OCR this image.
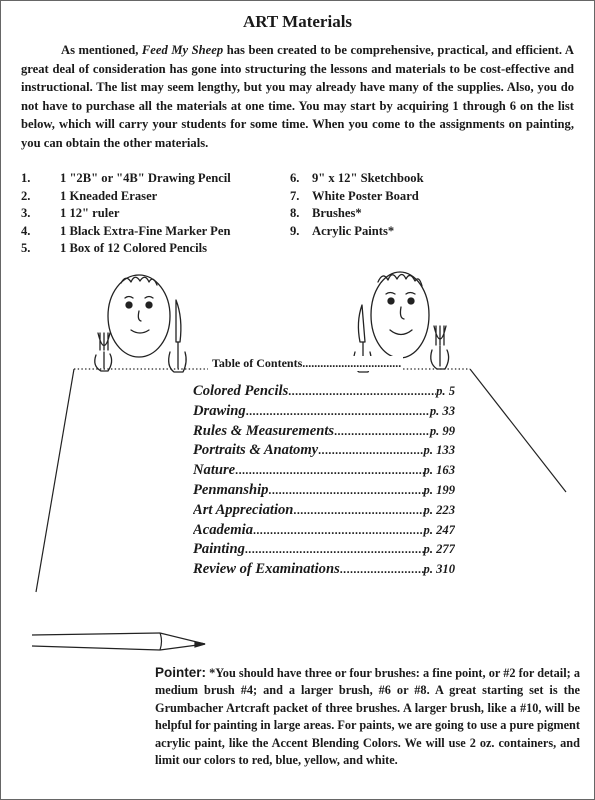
ART Materials
As mentioned, Feed My Sheep has been created to be comprehensive, practical, and efficient. A great deal of consideration has gone into structuring the lessons and materials to be cost-effective and instructional. The list may seem lengthy, but you may already have many of the supplies. Also, you do not have to purchase all the materials at one time. You may start by acquiring 1 through 6 on the list below, which will carry your students for some time. When you come to the assignments on painting, you can obtain the other materials.
1.	1 "2B" or "4B" Drawing Pencil
2.	1 Kneaded Eraser
3.	1 12" ruler
4.	1 Black Extra-Fine Marker Pen
5.	1 Box of 12 Colored Pencils
6. 9" x 12" Sketchbook
7. White Poster Board
8. Brushes*
9. Acrylic Paints*
Table of Contents.................................
Colored Pencils .....	p. 5
Drawing .....	p. 33
Rules & Measurements .....	p. 99
Portraits & Anatomy .....	p. 133
Nature .....	p. 163
Penmanship .....	p. 199
Art Appreciation .....	p. 223
Academia .....	p. 247
Painting .....	p. 277
Review of Examinations .....	p. 310
Pointer: *You should have three or four brushes: a fine point, or #2 for detail; a medium brush #4; and a larger brush, #6 or #8. A great starting set is the Grumbacher Artcraft packet of three brushes. A larger brush, like a #10, will be helpful for painting in large areas. For paints, we are going to use a pure pigment acrylic paint, like the Accent Blending Colors. We will use 2 oz. containers, and limit our colors to red, blue, yellow, and white.
